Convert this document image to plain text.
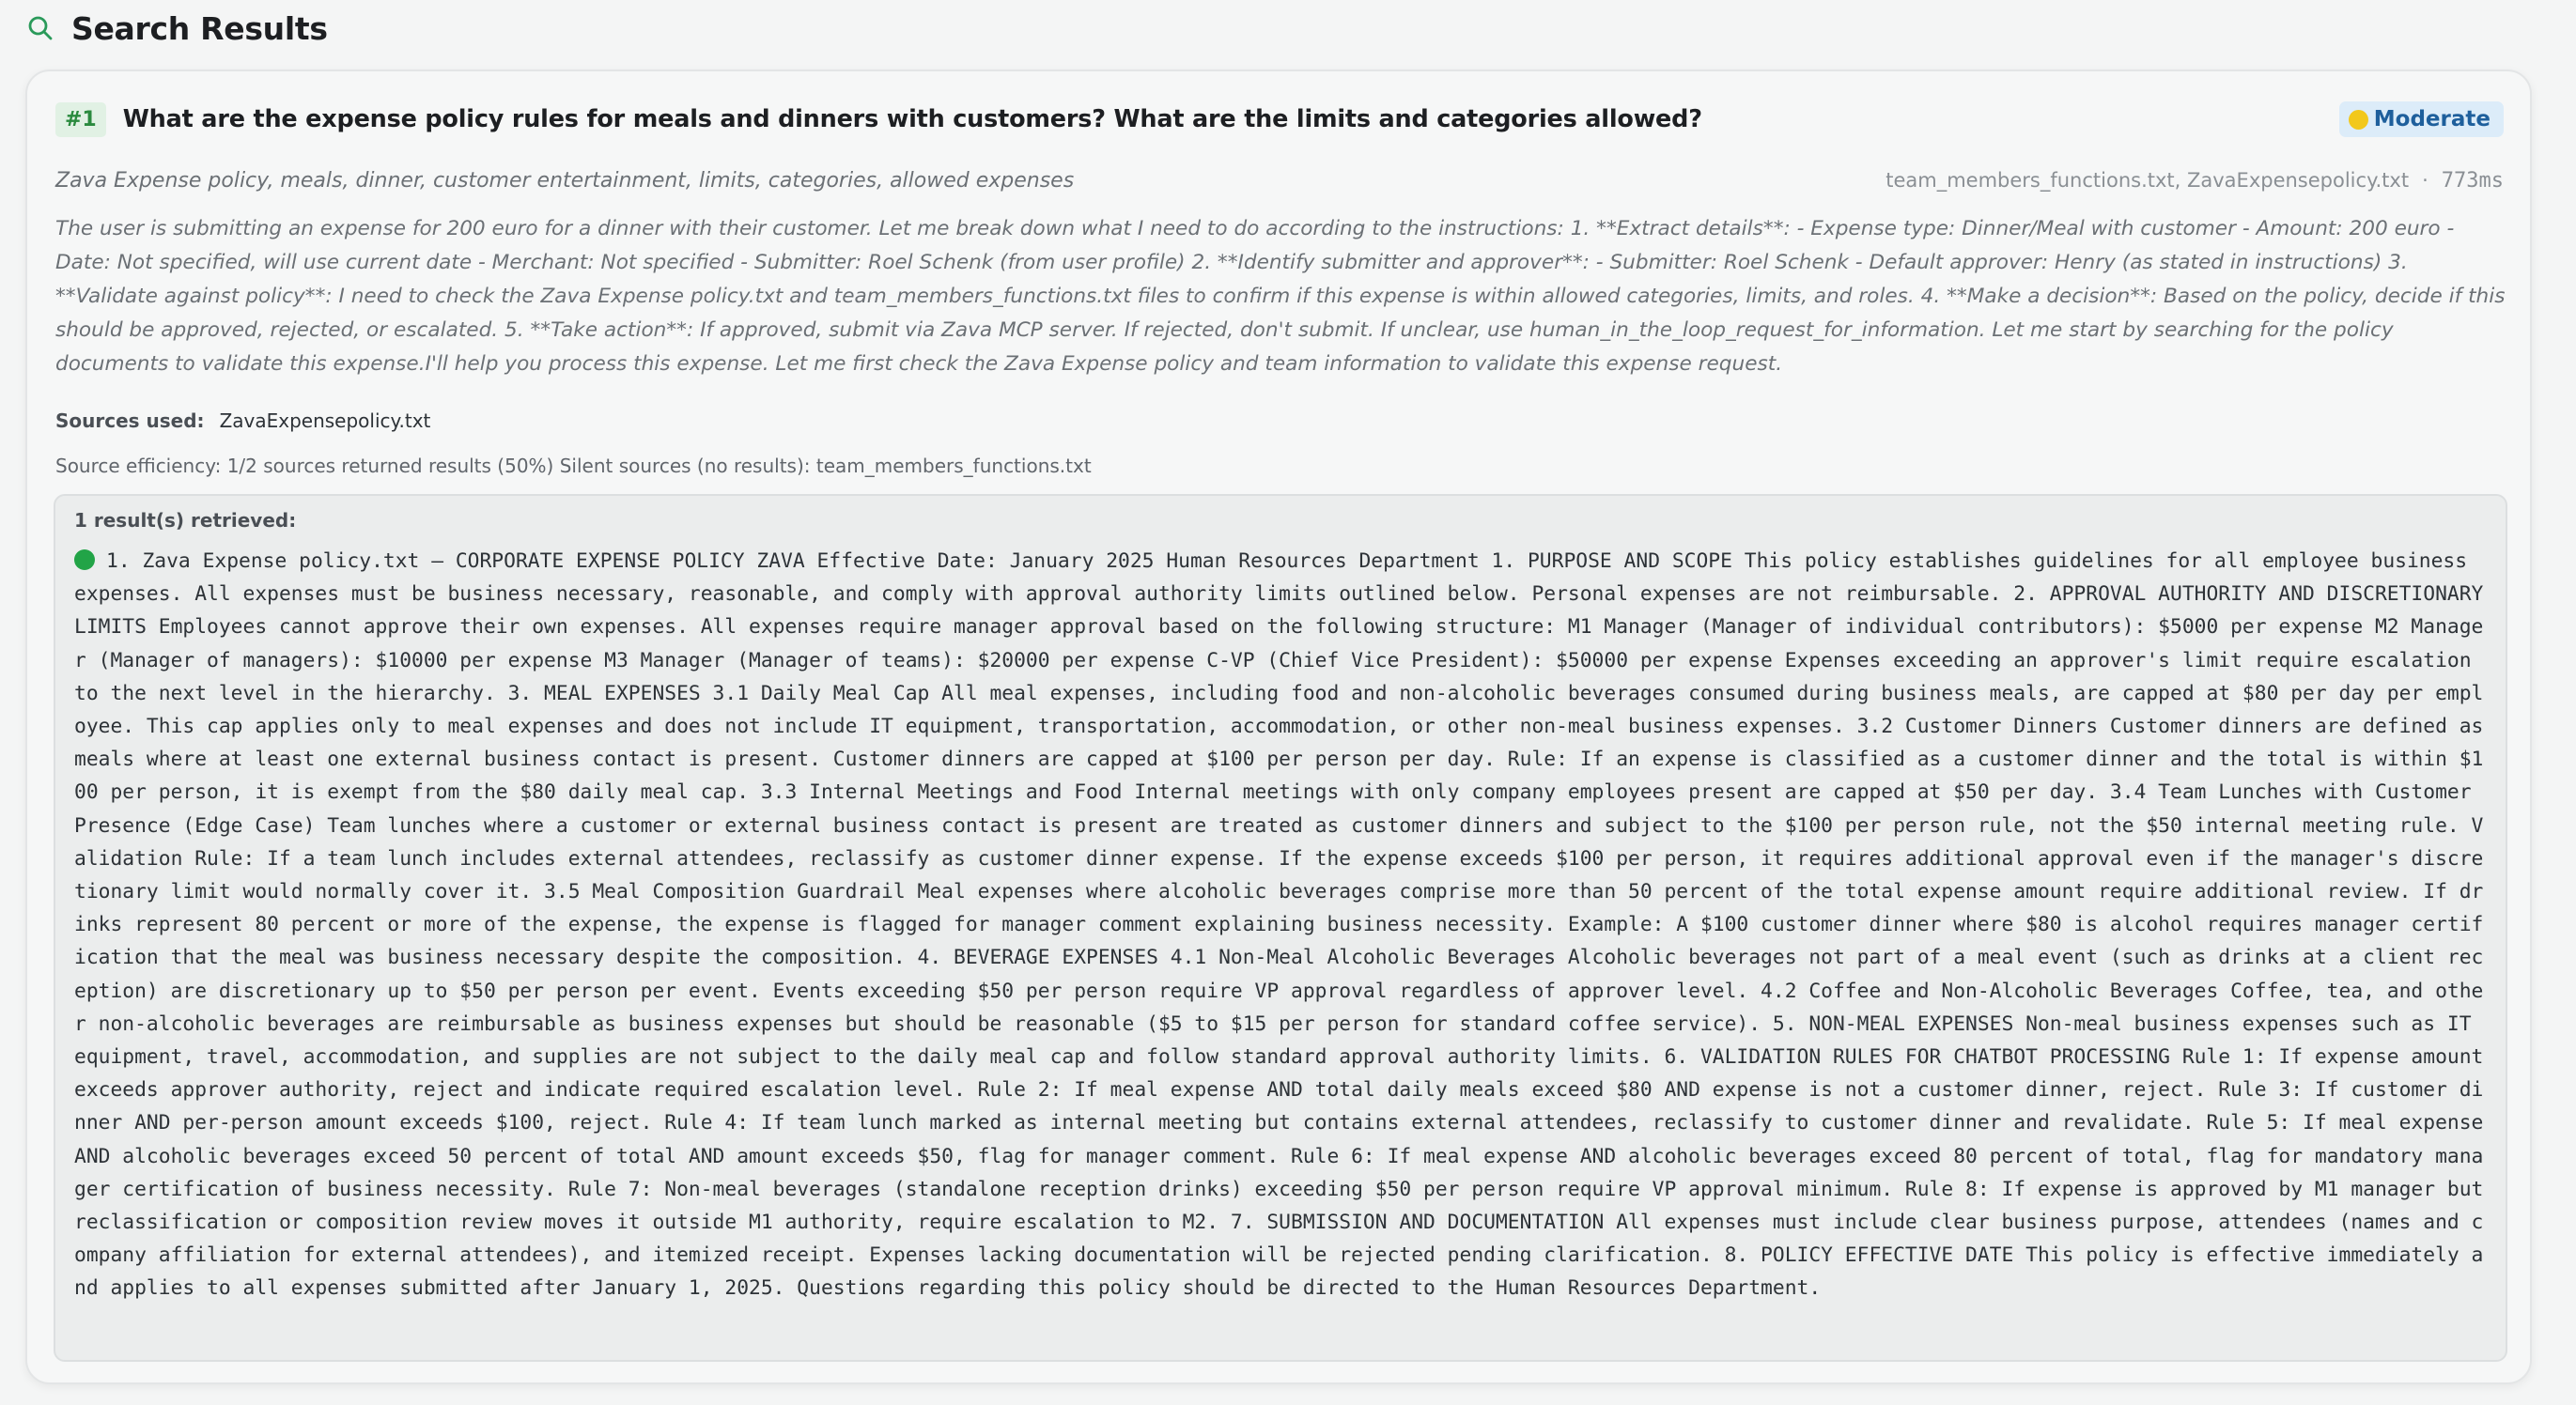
Search Results
#1	What are the expense policy rules for meals and dinners with customers? What are the limits and categories allowed?	Moderate
Zava Expense policy, meals, dinner, customer entertainment, limits, categories, allowed expenses	team_members_functions.txt, ZavaExpensepolicy.txt · 773ms

The user is submitting an expense for 200 euro for a dinner with their customer. Let me break down what I need to do according to the instructions: 1. **Extract details**: - Expense type: Dinner/Meal with customer - Amount: 200 euro - Date: Not specified, will use current date - Merchant: Not specified - Submitter: Roel Schenk (from user profile) 2. **Identify submitter and approver**: - Submitter: Roel Schenk - Default approver: Henry (as stated in instructions) 3. **Validate against policy**: I need to check the Zava Expense policy.txt and team_members_functions.txt files to confirm if this expense is within allowed categories, limits, and roles. 4. **Make a decision**: Based on the policy, decide if this should be approved, rejected, or escalated. 5. **Take action**: If approved, submit via Zava MCP server. If rejected, don't submit. If unclear, use human_in_the_loop_request_for_information. Let me start by searching for the policy documents to validate this expense.I'll help you process this expense. Let me first check the Zava Expense policy and team information to validate this expense request.

Sources used: ZavaExpensepolicy.txt
Source efficiency: 1/2 sources returned results (50%) Silent sources (no results): team_members_functions.txt
1 result(s) retrieved:

1. Zava Expense policy.txt — CORPORATE EXPENSE POLICY ZAVA Effective Date: January 2025 Human Resources Department 1. PURPOSE AND SCOPE This policy establishes guidelines for all employee business expenses. All expenses must be business necessary, reasonable, and comply with approval authority limits outlined below. Personal expenses are not reimbursable. 2. APPROVAL AUTHORITY AND DISCRETIONARY LIMITS Employees cannot approve their own expenses. All expenses require manager approval based on the following structure: M1 Manager (Manager of individual contributors): $5000 per expense M2 Manager (Manager of managers): $10000 per expense M3 Manager (Manager of teams): $20000 per expense C-VP (Chief Vice President): $50000 per expense Expenses exceeding an approver's limit require escalation to the next level in the hierarchy. 3. MEAL EXPENSES 3.1 Daily Meal Cap All meal expenses, including food and non-alcoholic beverages consumed during business meals, are capped at $80 per day per employee. This cap applies only to meal expenses and does not include IT equipment, transportation, accommodation, or other non-meal business expenses. 3.2 Customer Dinners Customer dinners are defined as meals where at least one external business contact is present. Customer dinners are capped at $100 per person per day. Rule: If an expense is classified as a customer dinner and the total is within $100 per person, it is exempt from the $80 daily meal cap. 3.3 Internal Meetings and Food Internal meetings with only company employees present are capped at $50 per day. 3.4 Team Lunches with Customer Presence (Edge Case) Team lunches where a customer or external business contact is present are treated as customer dinners and subject to the $100 per person rule, not the $50 internal meeting rule. Validation Rule: If a team lunch includes external attendees, reclassify as customer dinner expense. If the expense exceeds $100 per person, it requires additional approval even if the manager's discretionary limit would normally cover it. 3.5 Meal Composition Guardrail Meal expenses where alcoholic beverages comprise more than 50 percent of the total expense amount require additional review. If drinks represent 80 percent or more of the expense, the expense is flagged for manager comment explaining business necessity. Example: A $100 customer dinner where $80 is alcohol requires manager certification that the meal was business necessary despite the composition. 4. BEVERAGE EXPENSES 4.1 Non-Meal Alcoholic Beverages Alcoholic beverages not part of a meal event (such as drinks at a client reception) are discretionary up to $50 per person per event. Events exceeding $50 per person require VP approval regardless of approver level. 4.2 Coffee and Non-Alcoholic Beverages Coffee, tea, and other non-alcoholic beverages are reimbursable as business expenses but should be reasonable ($5 to $15 per person for standard coffee service). 5. NON-MEAL EXPENSES Non-meal business expenses such as IT equipment, travel, accommodation, and supplies are not subject to the daily meal cap and follow standard approval authority limits. 6. VALIDATION RULES FOR CHATBOT PROCESSING Rule 1: If expense amount exceeds approver authority, reject and indicate required escalation level. Rule 2: If meal expense AND total daily meals exceed $80 AND expense is not a customer dinner, reject. Rule 3: If customer dinner AND per-person amount exceeds $100, reject. Rule 4: If team lunch marked as internal meeting but contains external attendees, reclassify to customer dinner and revalidate. Rule 5: If meal expense AND alcoholic beverages exceed 50 percent of total AND amount exceeds $50, flag for manager comment. Rule 6: If meal expense AND alcoholic beverages exceed 80 percent of total, flag for mandatory manager certification of business necessity. Rule 7: Non-meal beverages (standalone reception drinks) exceeding $50 per person require VP approval minimum. Rule 8: If expense is approved by M1 manager but reclassification or composition review moves it outside M1 authority, require escalation to M2. 7. SUBMISSION AND DOCUMENTATION All expenses must include clear business purpose, attendees (names and company affiliation for external attendees), and itemized receipt. Expenses lacking documentation will be rejected pending clarification. 8. POLICY EFFECTIVE DATE This policy is effective immediately and applies to all expenses submitted after January 1, 2025. Questions regarding this policy should be directed to the Human Resources Department.
